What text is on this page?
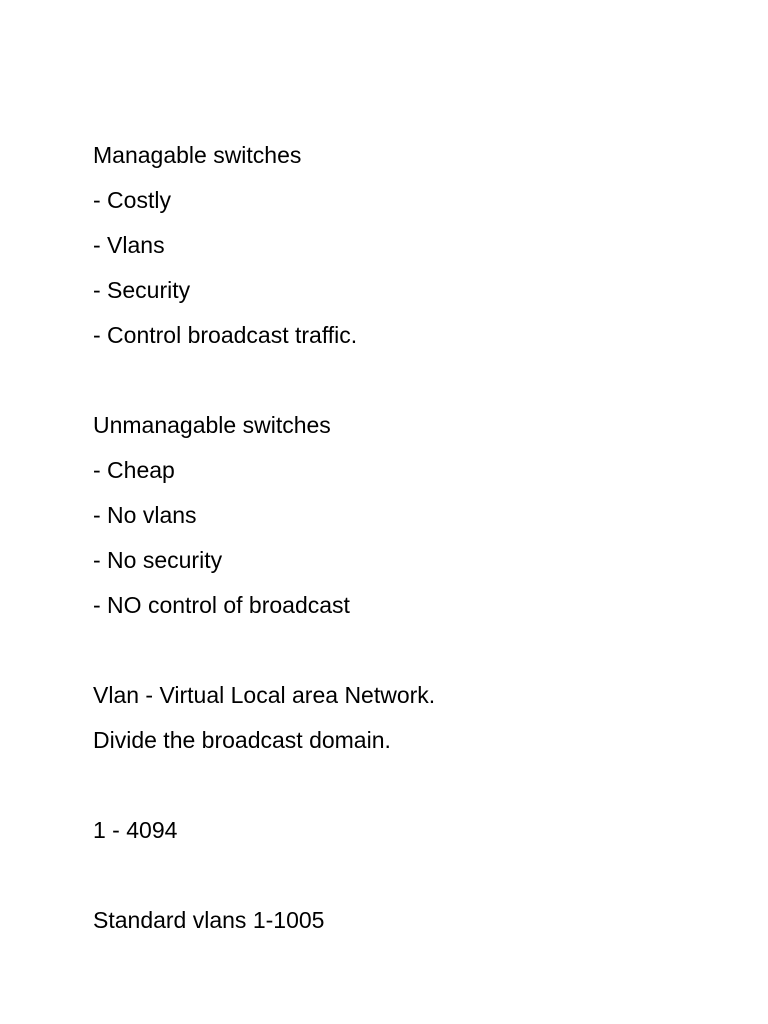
Managable switches
- Costly
- Vlans
- Security
- Control broadcast traffic.
Unmanagable switches
- Cheap
- No vlans
- No security
- NO control of broadcast
Vlan - Virtual Local area Network.
Divide the broadcast domain.
1 - 4094
Standard vlans 1-1005
